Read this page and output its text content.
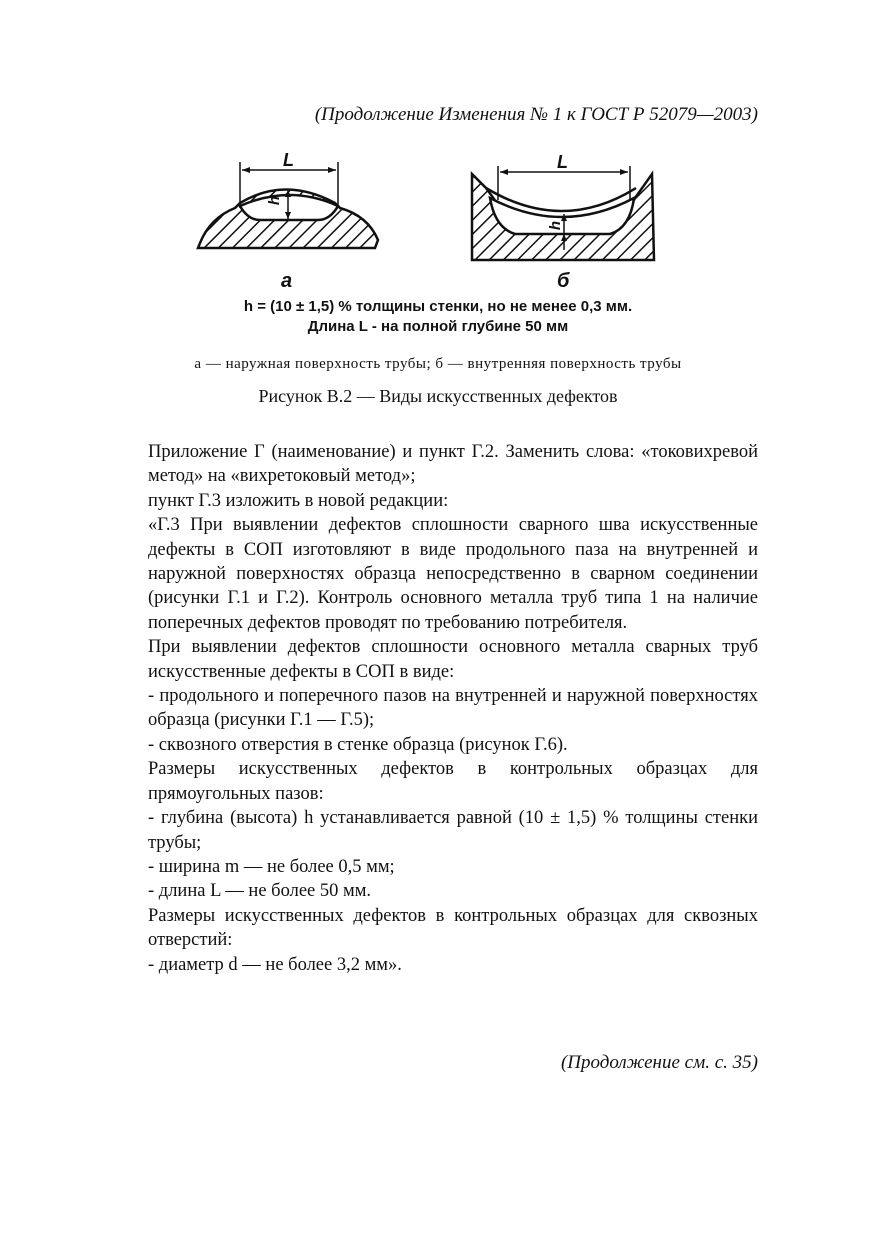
(Продолжение Изменения № 1 к ГОСТ Р 52079—2003)
L
h
L
h
а	б
h = (10 ± 1,5) % толщины стенки, но не менее 0,3 мм.
Длина L - на полной глубине 50 мм
а — наружная поверхность трубы; б — внутренняя поверхность трубы
Рисунок В.2 — Виды искусственных дефектов

Приложение Г (наименование) и пункт Г.2. Заменить слова: «токовихревой метод» на «вихретоковый метод»;

пункт Г.3 изложить в новой редакции:

«Г.3 При выявлении дефектов сплошности сварного шва искусственные дефекты в СОП изготовляют в виде продольного паза на внутренней и наружной поверхностях образца непосредственно в сварном соединении (рисунки Г.1 и Г.2). Контроль основного металла труб типа 1 на наличие поперечных дефектов проводят по требованию потребителя.

При выявлении дефектов сплошности основного металла сварных труб искусственные дефекты в СОП в виде:

- продольного и поперечного пазов на внутренней и наружной поверхностях образца (рисунки Г.1 — Г.5);

- сквозного отверстия в стенке образца (рисунок Г.6).

Размеры искусственных дефектов в контрольных образцах для прямоугольных пазов:

- глубина (высота) h устанавливается равной (10 ± 1,5) % толщины стенки трубы;

- ширина m — не более 0,5 мм;

- длина L — не более 50 мм.

Размеры искусственных дефектов в контрольных образцах для сквозных отверстий:

- диаметр d — не более 3,2 мм».

(Продолжение см. с. 35)
